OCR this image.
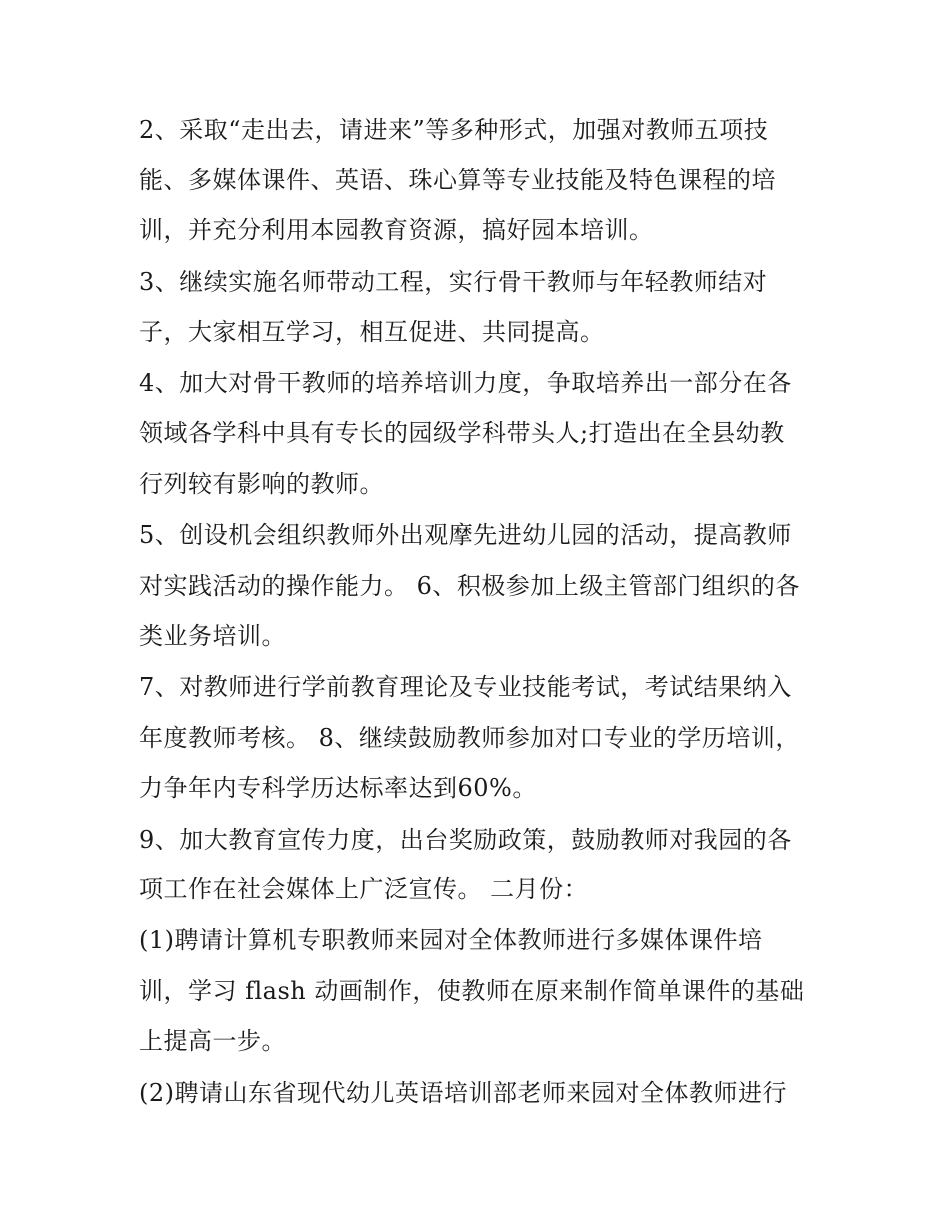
2、采取“走出去，请进来”等多种形式，加强对教师五项技
能、多媒体课件、英语、珠心算等专业技能及特色课程的培
训，并充分利用本园教育资源，搞好园本培训。
3、继续实施名师带动工程，实行骨干教师与年轻教师结对
子，大家相互学习，相互促进、共同提高。
4、加大对骨干教师的培养培训力度，争取培养出一部分在各
领域各学科中具有专长的园级学科带头人;打造出在全县幼教
行列较有影响的教师。
5、创设机会组织教师外出观摩先进幼儿园的活动，提高教师
对实践活动的操作能力。 6、积极参加上级主管部门组织的各
类业务培训。
7、对教师进行学前教育理论及专业技能考试，考试结果纳入
年度教师考核。 8、继续鼓励教师参加对口专业的学历培训，
力争年内专科学历达标率达到60%。
9、加大教育宣传力度，出台奖励政策，鼓励教师对我园的各
项工作在社会媒体上广泛宣传。 二月份：
(1)聘请计算机专职教师来园对全体教师进行多媒体课件培
训，学习 flash 动画制作，使教师在原来制作简单课件的基础
上提高一步。
(2)聘请山东省现代幼儿英语培训部老师来园对全体教师进行
